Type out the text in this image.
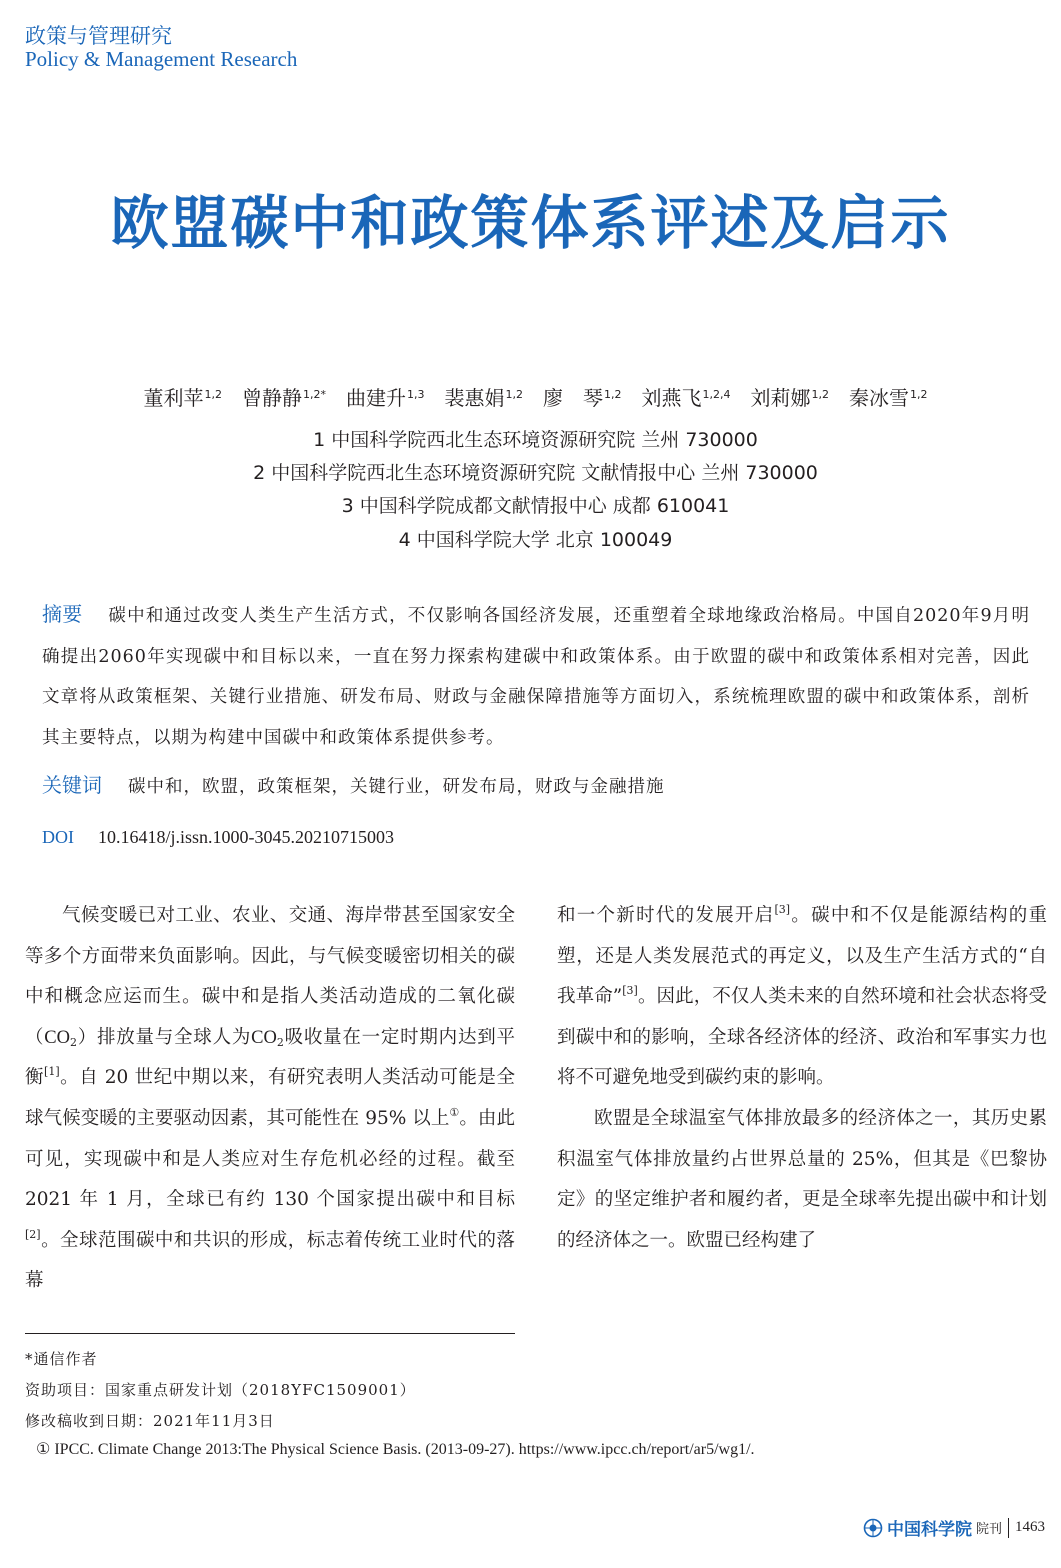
政策与管理研究
Policy & Management Research
欧盟碳中和政策体系评述及启示
董利苹$^{1,2}$ 曾静静$^{1,2*}$ 曲建升$^{1,3}$ 裴惠娟$^{1,2}$ 廖　琴$^{1,2}$ 刘燕飞$^{1,2,4}$ 刘莉娜$^{1,2}$ 秦冰雪$^{1,2}$
1 中国科学院西北生态环境资源研究院 兰州 730000
2 中国科学院西北生态环境资源研究院 文献情报中心 兰州 730000
3 中国科学院成都文献情报中心 成都 610041
4 中国科学院大学 北京 100049
摘要 碳中和通过改变人类生产生活方式，不仅影响各国经济发展，还重塑着全球地缘政治格局。中国自2020年9月明确提出2060年实现碳中和目标以来，一直在努力探索构建碳中和政策体系。由于欧盟的碳中和政策体系相对完善，因此文章将从政策框架、关键行业措施、研发布局、财政与金融保障措施等方面切入，系统梳理欧盟的碳中和政策体系，剖析其主要特点，以期为构建中国碳中和政策体系提供参考。
关键词 碳中和，欧盟，政策框架，关键行业，研发布局，财政与金融措施
DOI 10.16418/j.issn.1000-3045.20210715003

气候变暖已对工业、农业、交通、海岸带甚至国家安全等多个方面带来负面影响。因此，与气候变暖密切相关的碳中和概念应运而生。碳中和是指人类活动造成的二氧化碳$(CO_2)$排放量与全球人为$CO_2$吸收量在一定时期内达到平衡[1]。自 20 世纪中期以来，有研究表明人类活动可能是全球气候变暖的主要驱动因素，其可能性在 95% 以上①。由此可见，实现碳中和是人类应对生存危机必经的过程。截至 2021 年 1 月，全球已有约 130 个国家提出碳中和目标[2]。全球范围碳中和共识的形成，标志着传统工业时代的落幕

和一个新时代的发展开启[3]。碳中和不仅是能源结构的重塑，还是人类发展范式的再定义，以及生产生活方式的“自我革命”[3]。因此，不仅人类未来的自然环境和社会状态将受到碳中和的影响，全球各经济体的经济、政治和军事实力也将不可避免地受到碳约束的影响。

欧盟是全球温室气体排放最多的经济体之一，其历史累积温室气体排放量约占世界总量的 25%，但其是《巴黎协定》的坚定维护者和履约者，更是全球率先提出碳中和计划的经济体之一。欧盟已经构建了

*通信作者
资助项目：国家重点研发计划（2018YFC1509001）
修改稿收到日期：2021年11月3日
① IPCC. Climate Change 2013:The Physical Science Basis. (2013-09-27). https://www.ipcc.ch/report/ar5/wg1/.
中国科学院 院刊 1463
